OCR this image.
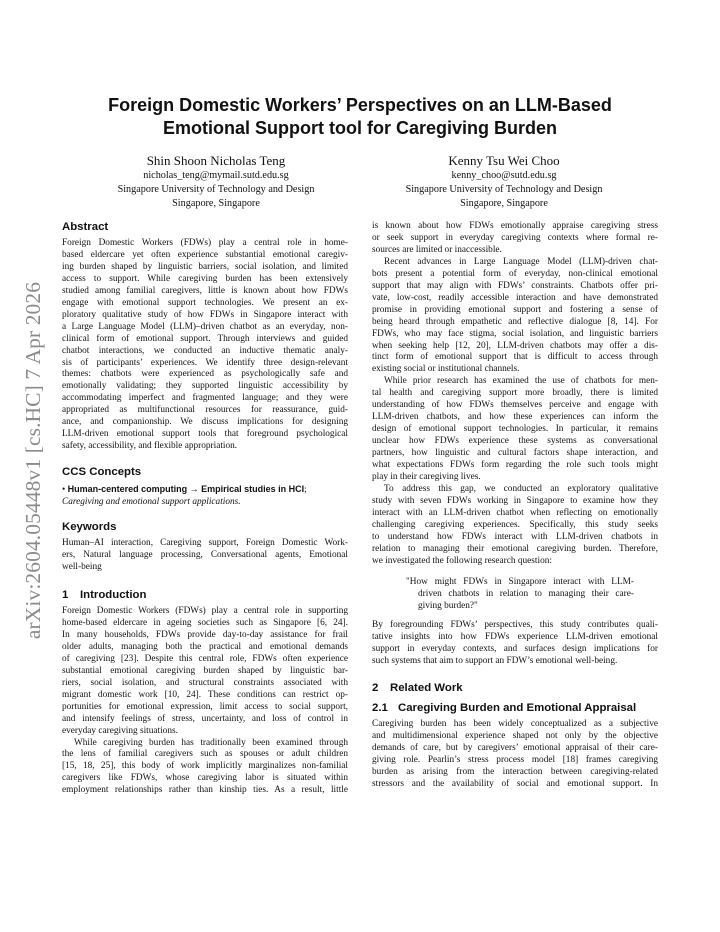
arXiv:2604.05448v1 [cs.HC] 7 Apr 2026
Foreign Domestic Workers’ Perspectives on an LLM-Based
Emotional Support tool for Caregiving Burden
Shin Shoon Nicholas Teng
nicholas_teng@mymail.sutd.edu.sg
Singapore University of Technology and Design
Singapore, Singapore
Kenny Tsu Wei Choo
kenny_choo@sutd.edu.sg
Singapore University of Technology and Design
Singapore, Singapore
Abstract
Foreign Domestic Workers (FDWs) play a central role in home-
based eldercare yet often experience substantial emotional caregiv-
ing burden shaped by linguistic barriers, social isolation, and limited
access to support. While caregiving burden has been extensively
studied among familial caregivers, little is known about how FDWs
engage with emotional support technologies. We present an ex-
ploratory qualitative study of how FDWs in Singapore interact with
a Large Language Model (LLM)–driven chatbot as an everyday, non-
clinical form of emotional support. Through interviews and guided
chatbot interactions, we conducted an inductive thematic analy-
sis of participants’ experiences. We identify three design-relevant
themes: chatbots were experienced as psychologically safe and
emotionally validating; they supported linguistic accessibility by
accommodating imperfect and fragmented language; and they were
appropriated as multifunctional resources for reassurance, guid-
ance, and companionship. We discuss implications for designing
LLM-driven emotional support tools that foreground psychological
safety, accessibility, and flexible appropriation.
CCS Concepts
• Human-centered computing → Empirical studies in HCI;
Caregiving and emotional support applications.
Keywords
Human–AI interaction, Caregiving support, Foreign Domestic Work-
ers, Natural language processing, Conversational agents, Emotional
well-being
1 Introduction
Foreign Domestic Workers (FDWs) play a central role in supporting
home-based eldercare in ageing societies such as Singapore [6, 24].
In many households, FDWs provide day-to-day assistance for frail
older adults, managing both the practical and emotional demands
of caregiving [23]. Despite this central role, FDWs often experience
substantial emotional caregiving burden shaped by linguistic bar-
riers, social isolation, and structural constraints associated with
migrant domestic work [10, 24]. These conditions can restrict op-
portunities for emotional expression, limit access to social support,
and intensify feelings of stress, uncertainty, and loss of control in
everyday caregiving situations.
While caregiving burden has traditionally been examined through
the lens of familial caregivers such as spouses or adult children
[15, 18, 25], this body of work implicitly marginalizes non-familial
caregivers like FDWs, whose caregiving labor is situated within
employment relationships rather than kinship ties. As a result, little
is known about how FDWs emotionally appraise caregiving stress
or seek support in everyday caregiving contexts where formal re-
sources are limited or inaccessible.
Recent advances in Large Language Model (LLM)-driven chat-
bots present a potential form of everyday, non-clinical emotional
support that may align with FDWs’ constraints. Chatbots offer pri-
vate, low-cost, readily accessible interaction and have demonstrated
promise in providing emotional support and fostering a sense of
being heard through empathetic and reflective dialogue [8, 14]. For
FDWs, who may face stigma, social isolation, and linguistic barriers
when seeking help [12, 20], LLM-driven chatbots may offer a dis-
tinct form of emotional support that is difficult to access through
existing social or institutional channels.
While prior research has examined the use of chatbots for men-
tal health and caregiving support more broadly, there is limited
understanding of how FDWs themselves perceive and engage with
LLM-driven chatbots, and how these experiences can inform the
design of emotional support technologies. In particular, it remains
unclear how FDWs experience these systems as conversational
partners, how linguistic and cultural factors shape interaction, and
what expectations FDWs form regarding the role such tools might
play in their caregiving lives.
To address this gap, we conducted an exploratory qualitative
study with seven FDWs working in Singapore to examine how they
interact with an LLM-driven chatbot when reflecting on emotionally
challenging caregiving experiences. Specifically, this study seeks
to understand how FDWs interact with LLM-driven chatbots in
relation to managing their emotional caregiving burden. Therefore,
we investigated the following research question:
"How might FDWs in Singapore interact with LLM-
driven chatbots in relation to managing their care-
giving burden?"
By foregrounding FDWs’ perspectives, this study contributes quali-
tative insights into how FDWs experience LLM-driven emotional
support in everyday contexts, and surfaces design implications for
such systems that aim to support an FDW’s emotional well-being.
2 Related Work
2.1 Caregiving Burden and Emotional Appraisal
Caregiving burden has been widely conceptualized as a subjective
and multidimensional experience shaped not only by the objective
demands of care, but by caregivers’ emotional appraisal of their care-
giving role. Pearlin’s stress process model [18] frames caregiving
burden as arising from the interaction between caregiving-related
stressors and the availability of social and emotional support. In
